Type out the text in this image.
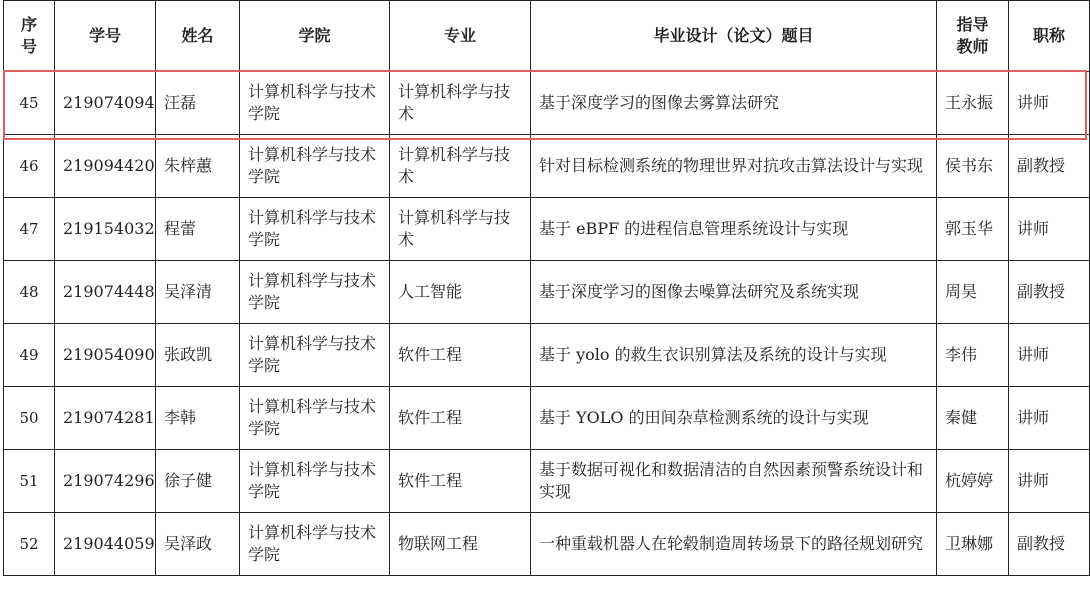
序号	学号	姓名	学院	专业	毕业设计（论文）题目	指导教师	职称
45	219074094	汪磊	计算机科学与技术学院	计算机科学与技术	基于深度学习的图像去雾算法研究	王永振	讲师
46	219094420	朱梓蕙	计算机科学与技术学院	计算机科学与技术	针对目标检测系统的物理世界对抗攻击算法设计与实现	侯书东	副教授
47	219154032	程蕾	计算机科学与技术学院	计算机科学与技术	基于 eBPF 的进程信息管理系统设计与实现	郭玉华	讲师
48	219074448	吴泽清	计算机科学与技术学院	人工智能	基于深度学习的图像去噪算法研究及系统实现	周昊	副教授
49	219054090	张政凯	计算机科学与技术学院	软件工程	基于 yolo 的救生衣识别算法及系统的设计与实现	李伟	讲师
50	219074281	李韩	计算机科学与技术学院	软件工程	基于 YOLO 的田间杂草检测系统的设计与实现	秦健	讲师
51	219074296	徐子健	计算机科学与技术学院	软件工程	基于数据可视化和数据清洁的自然因素预警系统设计和实现	杭婷婷	讲师
52	219044059	吴泽政	计算机科学与技术学院	物联网工程	一种重载机器人在轮毂制造周转场景下的路径规划研究	卫琳娜	副教授
